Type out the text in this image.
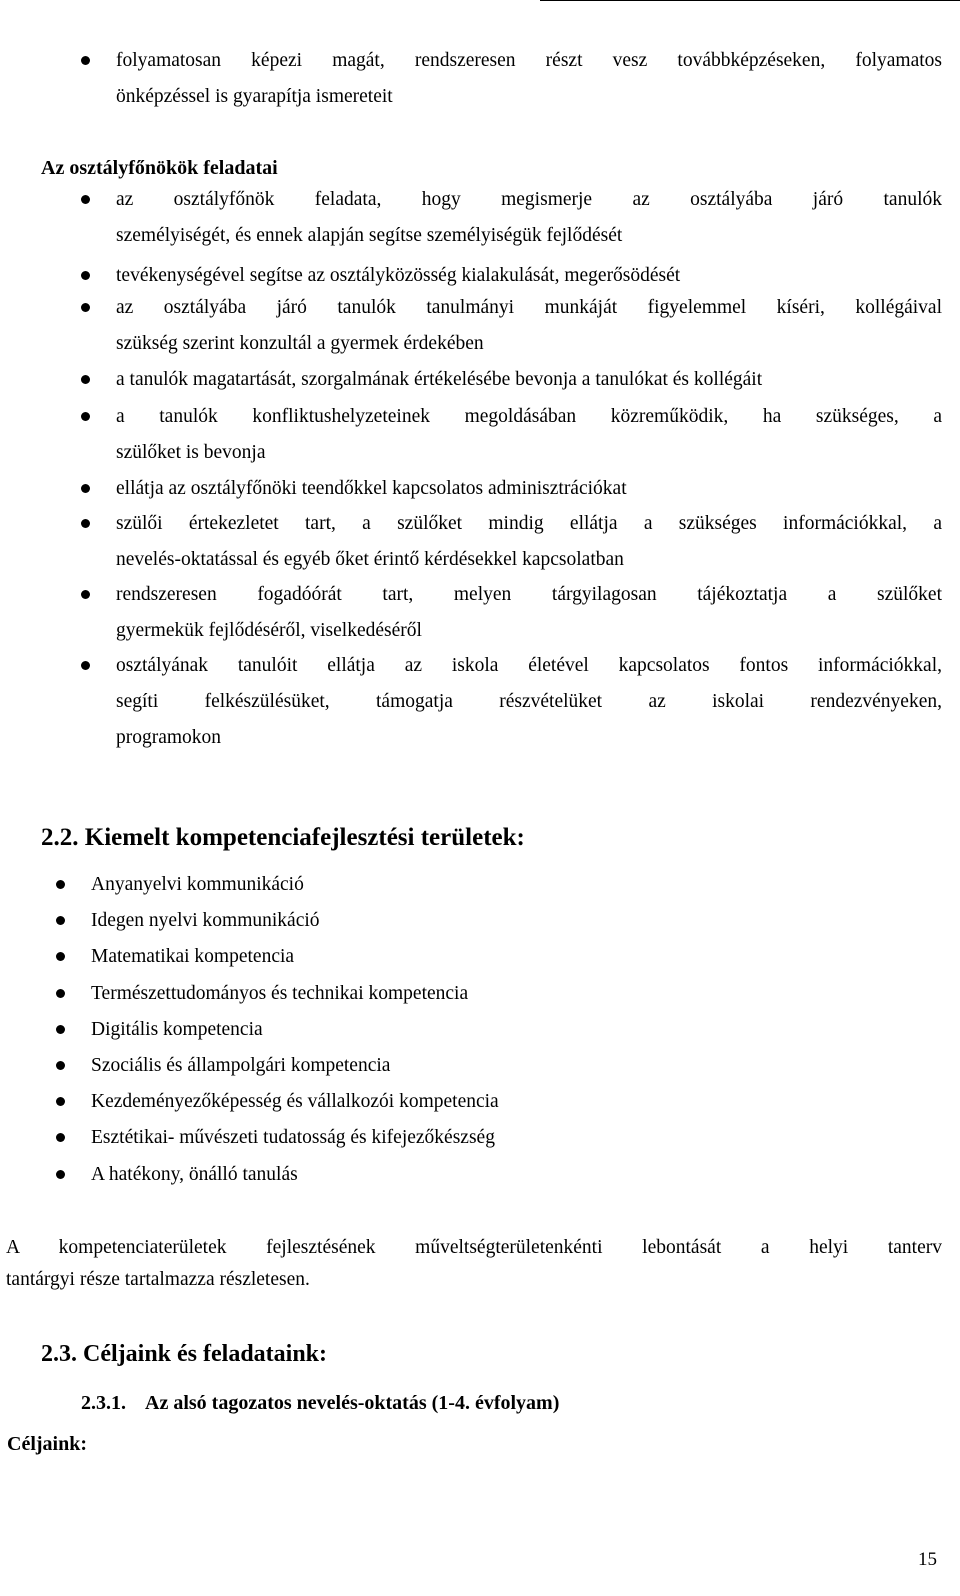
folyamatosan képezi magát, rendszeresen részt vesz továbbképzéseken, folyamatos
önképzéssel is gyarapítja ismereteit
Az osztályfőnökök feladatai
az osztályfőnök feladata, hogy megismerje az osztályába járó tanulók
személyiségét, és ennek alapján segítse személyiségük fejlődését
tevékenységével segítse az osztályközösség kialakulását, megerősödését
az osztályába járó tanulók tanulmányi munkáját figyelemmel kíséri, kollégáival
szükség szerint konzultál a gyermek érdekében
a tanulók magatartását, szorgalmának értékelésébe bevonja a tanulókat és kollégáit
a tanulók konfliktushelyzeteinek megoldásában közreműködik, ha szükséges, a
szülőket is bevonja
ellátja az osztályfőnöki teendőkkel kapcsolatos adminisztrációkat
szülői értekezletet tart, a szülőket mindig ellátja a szükséges információkkal, a
nevelés-oktatással és egyéb őket érintő kérdésekkel kapcsolatban
rendszeresen fogadóórát tart, melyen tárgyilagosan tájékoztatja a szülőket
gyermekük fejlődéséről, viselkedéséről
osztályának tanulóit ellátja az iskola életével kapcsolatos fontos információkkal,
segíti felkészülésüket, támogatja részvételüket az iskolai rendezvényeken,
programokon
2.2. Kiemelt kompetenciafejlesztési területek:
Anyanyelvi kommunikáció
Idegen nyelvi kommunikáció
Matematikai kompetencia
Természettudományos és technikai kompetencia
Digitális kompetencia
Szociális és állampolgári kompetencia
Kezdeményezőképesség és vállalkozói kompetencia
Esztétikai- művészeti tudatosság és kifejezőkészség
A hatékony, önálló tanulás
A kompetenciaterületek fejlesztésének műveltségterületenkénti lebontását a helyi tanterv
tantárgyi része tartalmazza részletesen.
2.3. Céljaink és feladataink:
2.3.1. Az alsó tagozatos nevelés-oktatás (1-4. évfolyam)
Céljaink:
15
